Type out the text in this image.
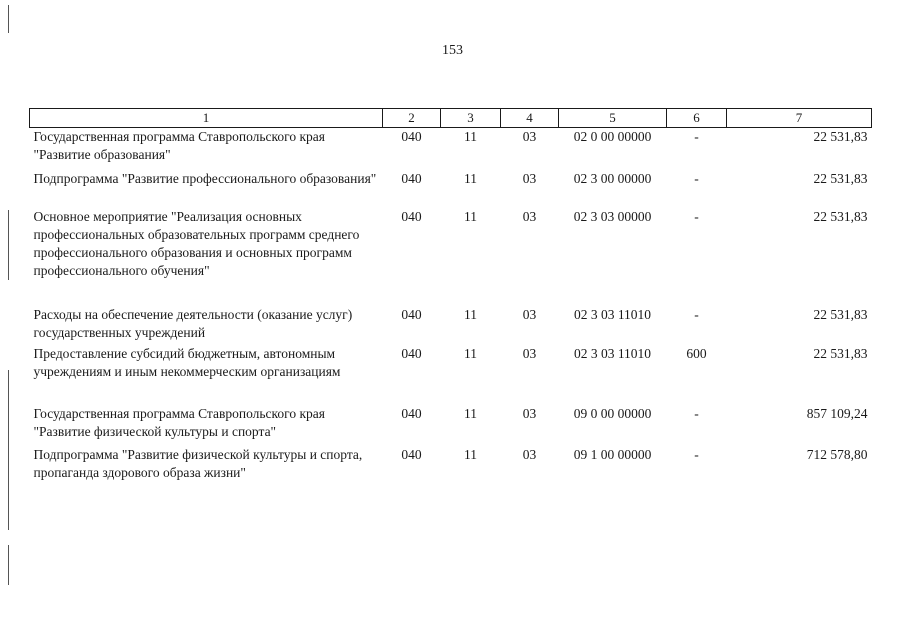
153
1	2	3	4	5	6	7
Государственная программа Ставропольского края "Развитие образования"	040	11	03	02 0 00 00000	-	22 531,83
Подпрограмма "Развитие профессионального образования"	040	11	03	02 3 00 00000	-	22 531,83
Основное мероприятие "Реализация основных профессиональных образовательных программ среднего профессионального образования и основных программ профессионального обучения"	040	11	03	02 3 03 00000	-	22 531,83
Расходы на обеспечение деятельности (оказание услуг) государственных учреждений	040	11	03	02 3 03 11010	-	22 531,83
Предоставление субсидий бюджетным, автономным учреждениям и иным некоммерческим организациям	040	11	03	02 3 03 11010	600	22 531,83
Государственная программа Ставропольского края "Развитие физической культуры и спорта"	040	11	03	09 0 00 00000	-	857 109,24
Подпрограмма "Развитие физической культуры и спорта, пропаганда здорового образа жизни"	040	11	03	09 1 00 00000	-	712 578,80
